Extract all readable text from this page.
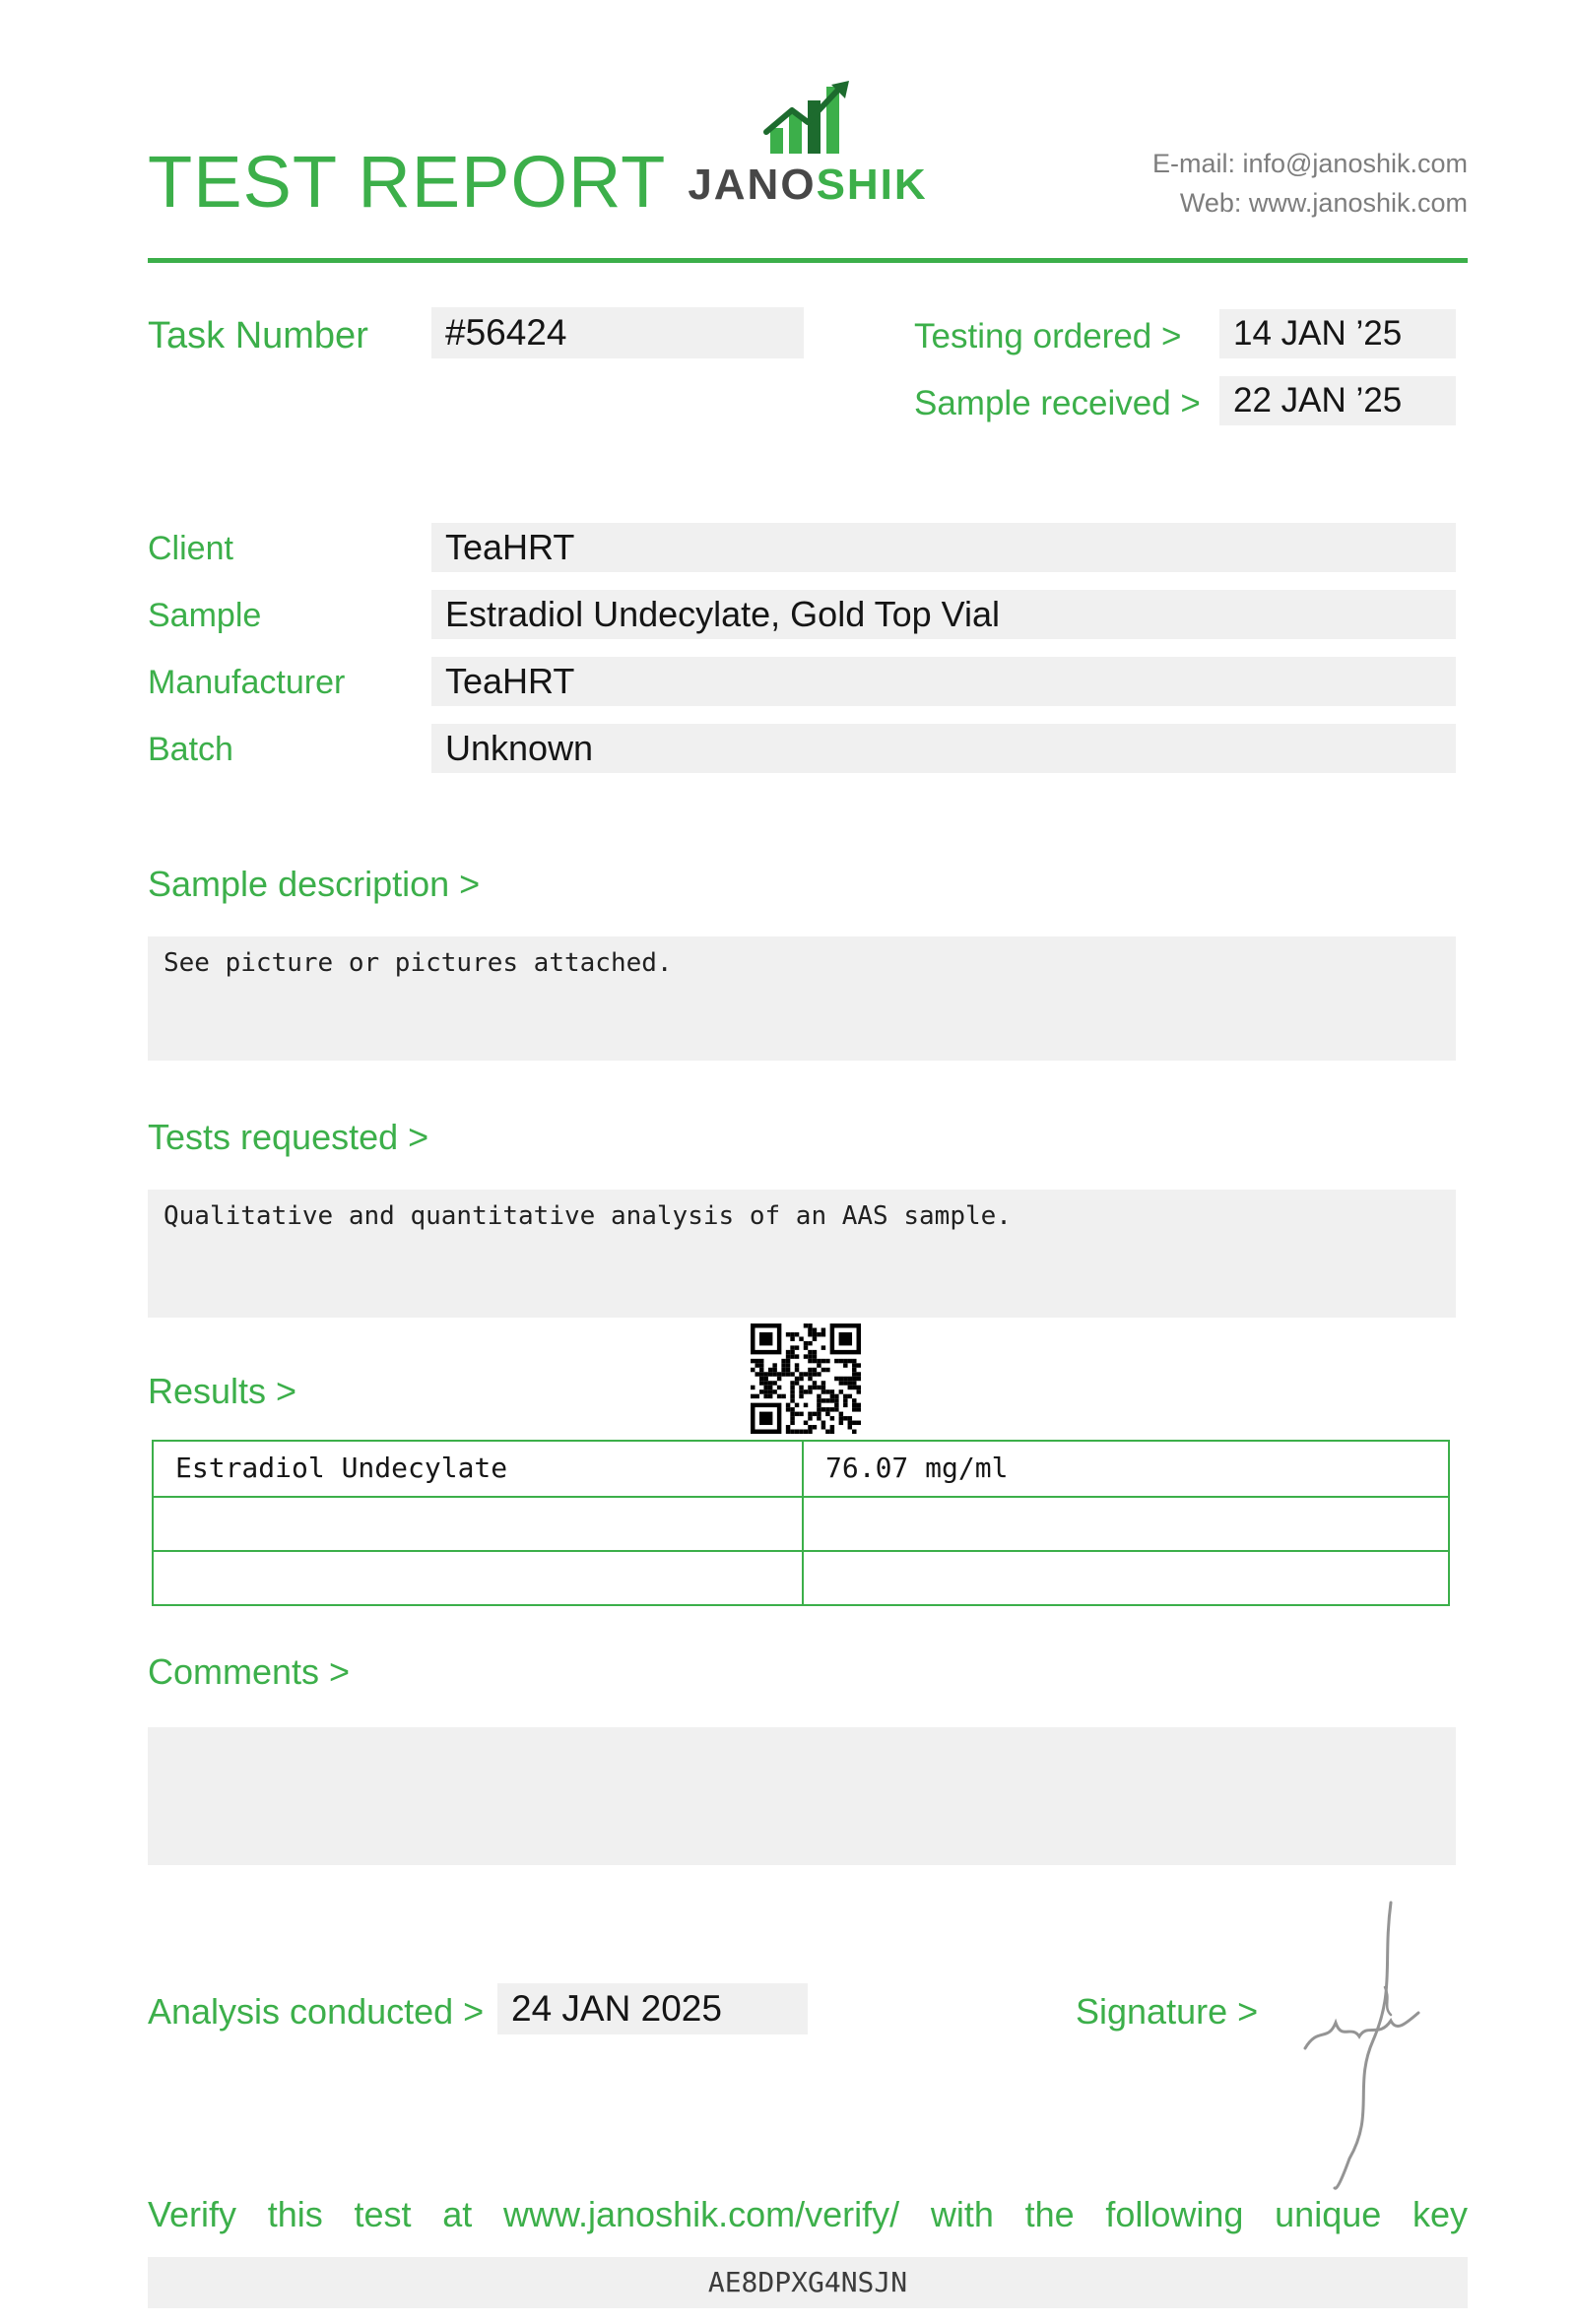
TEST REPORT JANOSHIK	E-mail: info@janoshik.com
Web: www.janoshik.com
Task Number	#56424	Testing ordered >	14 JAN ’25
Sample received > 22 JAN ’25
Client	TeaHRT
Sample	Estradiol Undecylate, Gold Top Vial
Manufacturer	TeaHRT
Batch	Unknown
Sample description >
See picture or pictures attached.
Tests requested >
Qualitative and quantitative analysis of an AAS sample.
Results >
Estradiol Undecylate	76.07 mg/ml
Comments >
Analysis conducted > 24 JAN 2025	Signature >
Verify this test at www.janoshik.com/verify/ with the following unique key
AE8DPXG4NSJN
